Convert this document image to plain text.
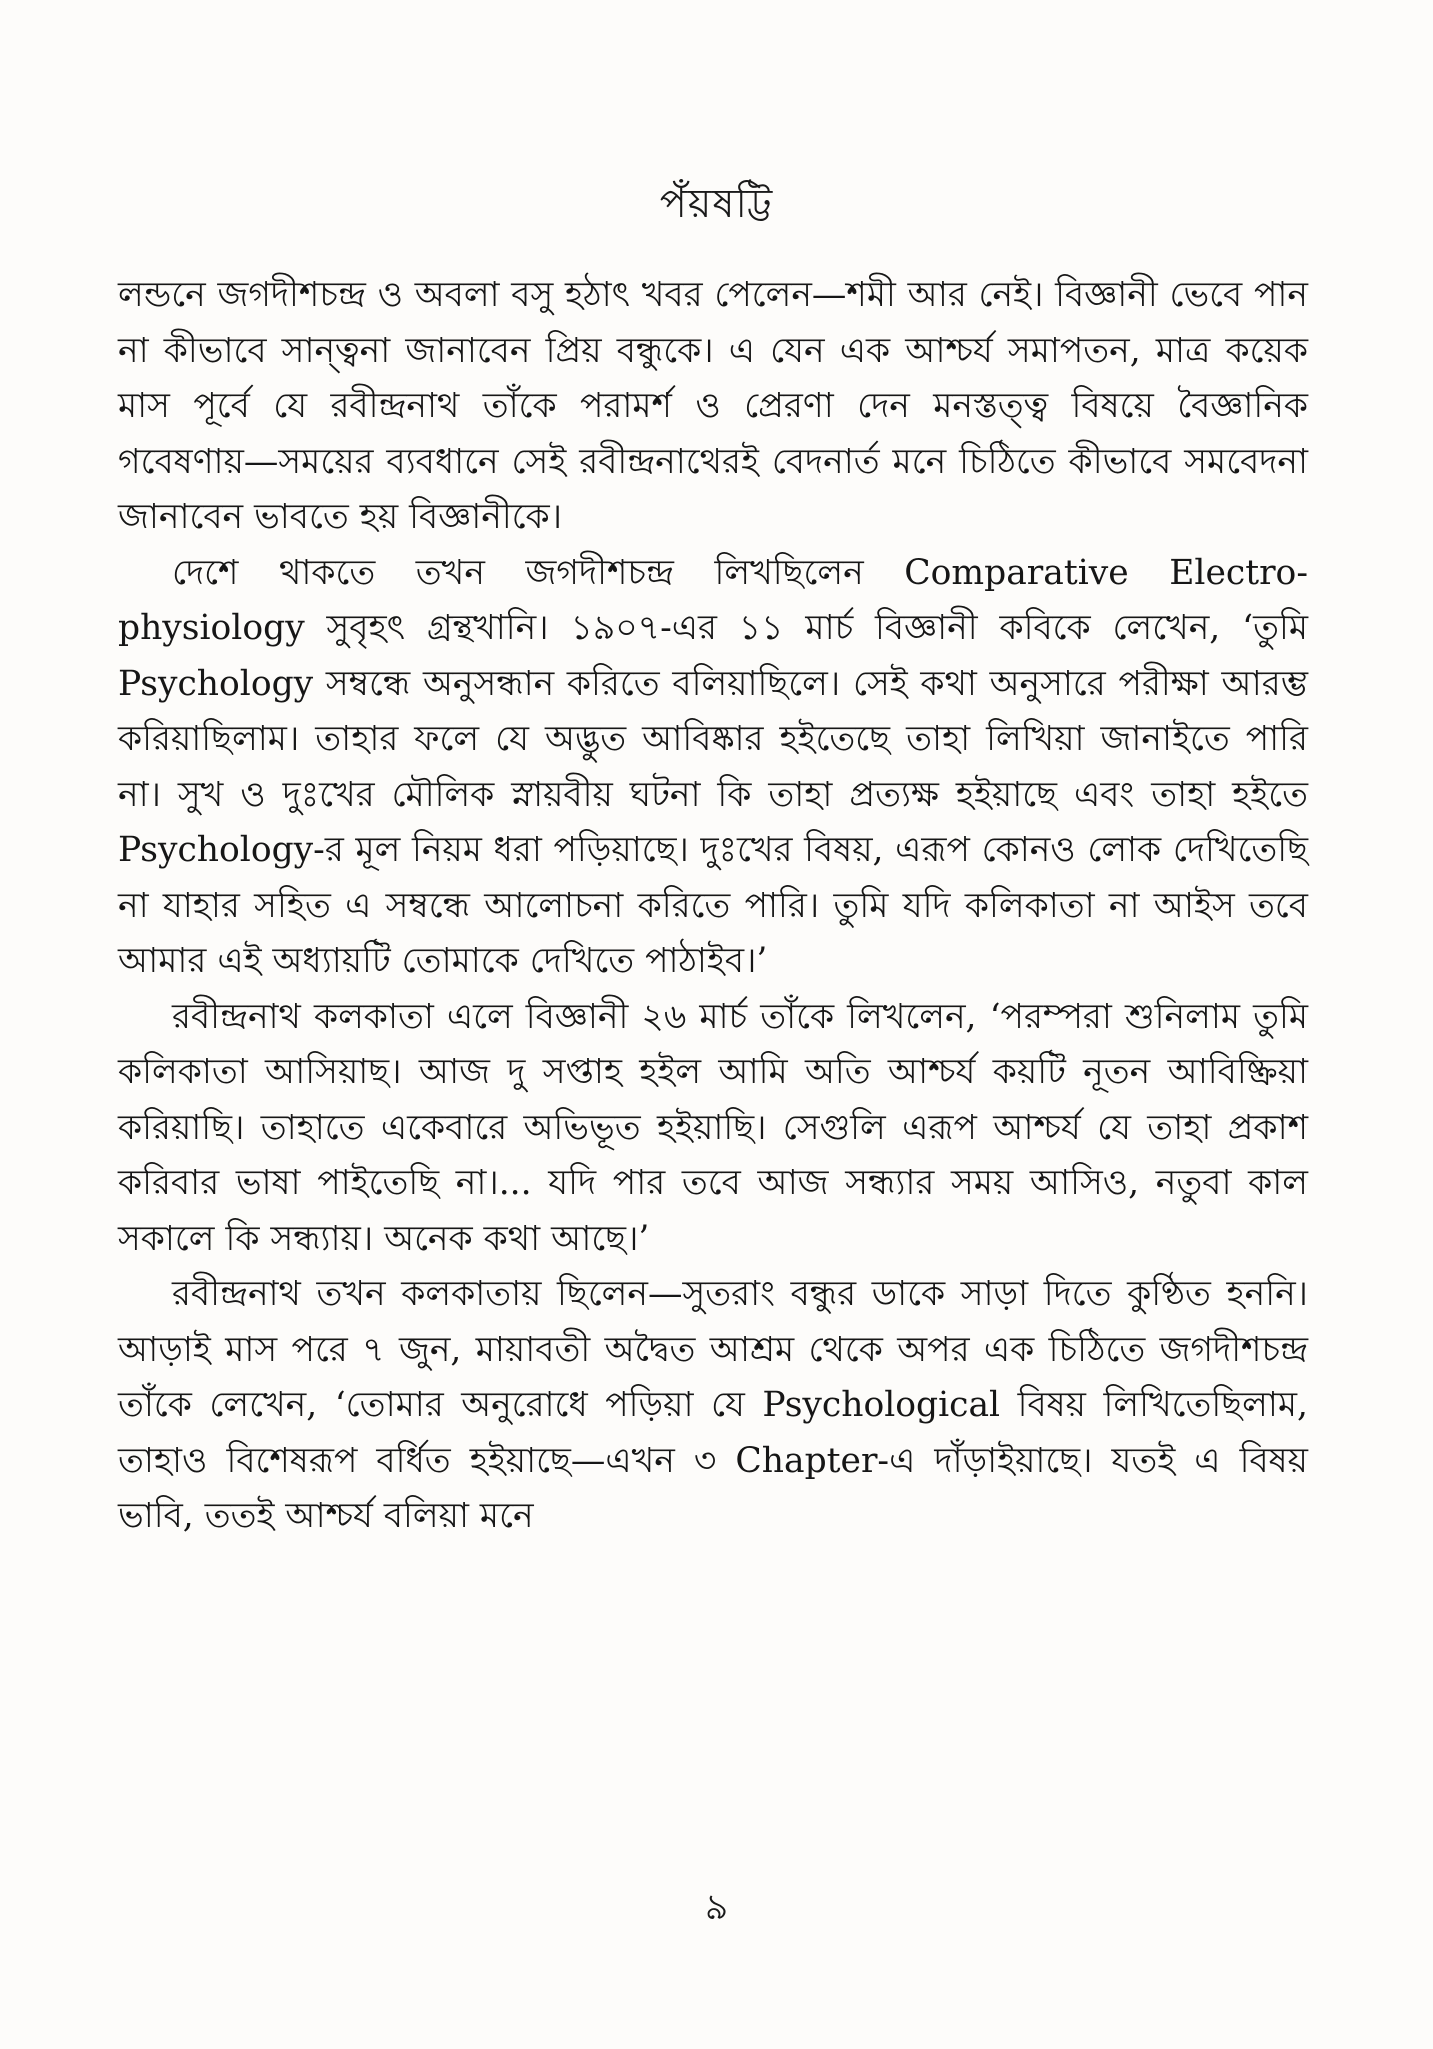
পঁয়ষট্টি

লন্ডনে জগদীশচন্দ্র ও অবলা বসু হঠাৎ খবর পেলেন—শমী আর নেই। বিজ্ঞানী ভেবে পান না কীভাবে সান্ত্বনা জানাবেন প্রিয় বন্ধুকে। এ যেন এক আশ্চর্য সমাপতন, মাত্র কয়েক মাস পূর্বে যে রবীন্দ্রনাথ তাঁকে পরামর্শ ও প্রেরণা দেন মনস্তত্ত্ব বিষয়ে বৈজ্ঞানিক গবেষণায়—সময়ের ব্যবধানে সেই রবীন্দ্রনাথেরই বেদনার্ত মনে চিঠিতে কীভাবে সমবেদনা জানাবেন ভাবতে হয় বিজ্ঞানীকে।

দেশে থাকতে তখন জগদীশচন্দ্র লিখছিলেন Comparative Electro-physiology সুবৃহৎ গ্রন্থখানি। ১৯০৭-এর ১১ মার্চ বিজ্ঞানী কবিকে লেখেন, ‘তুমি Psychology সম্বন্ধে অনুসন্ধান করিতে বলিয়াছিলে। সেই কথা অনুসারে পরীক্ষা আরম্ভ করিয়াছিলাম। তাহার ফলে যে অদ্ভুত আবিষ্কার হইতেছে তাহা লিখিয়া জানাইতে পারি না। সুখ ও দুঃখের মৌলিক স্নায়বীয় ঘটনা কি তাহা প্রত্যক্ষ হইয়াছে এবং তাহা হইতে Psychology-র মূল নিয়ম ধরা পড়িয়াছে। দুঃখের বিষয়, এরূপ কোনও লোক দেখিতেছি না যাহার সহিত এ সম্বন্ধে আলোচনা করিতে পারি। তুমি যদি কলিকাতা না আইস তবে আমার এই অধ্যায়টি তোমাকে দেখিতে পাঠাইব।’

রবীন্দ্রনাথ কলকাতা এলে বিজ্ঞানী ২৬ মার্চ তাঁকে লিখলেন, ‘পরম্পরা শুনিলাম তুমি কলিকাতা আসিয়াছ। আজ দু সপ্তাহ হইল আমি অতি আশ্চর্য কয়টি নূতন আবিষ্ক্রিয়া করিয়াছি। তাহাতে একেবারে অভিভূত হইয়াছি। সেগুলি এরূপ আশ্চর্য যে তাহা প্রকাশ করিবার ভাষা পাইতেছি না।... যদি পার তবে আজ সন্ধ্যার সময় আসিও, নতুবা কাল সকালে কি সন্ধ্যায়। অনেক কথা আছে।’

রবীন্দ্রনাথ তখন কলকাতায় ছিলেন—সুতরাং বন্ধুর ডাকে সাড়া দিতে কুণ্ঠিত হননি। আড়াই মাস পরে ৭ জুন, মায়াবতী অদ্বৈত আশ্রম থেকে অপর এক চিঠিতে জগদীশচন্দ্র তাঁকে লেখেন, ‘তোমার অনুরোধে পড়িয়া যে Psychological বিষয় লিখিতেছিলাম, তাহাও বিশেষরূপ বর্ধিত হইয়াছে—এখন ৩ Chapter-এ দাঁড়াইয়াছে। যতই এ বিষয় ভাবি, ততই আশ্চর্য বলিয়া মনে

৯
